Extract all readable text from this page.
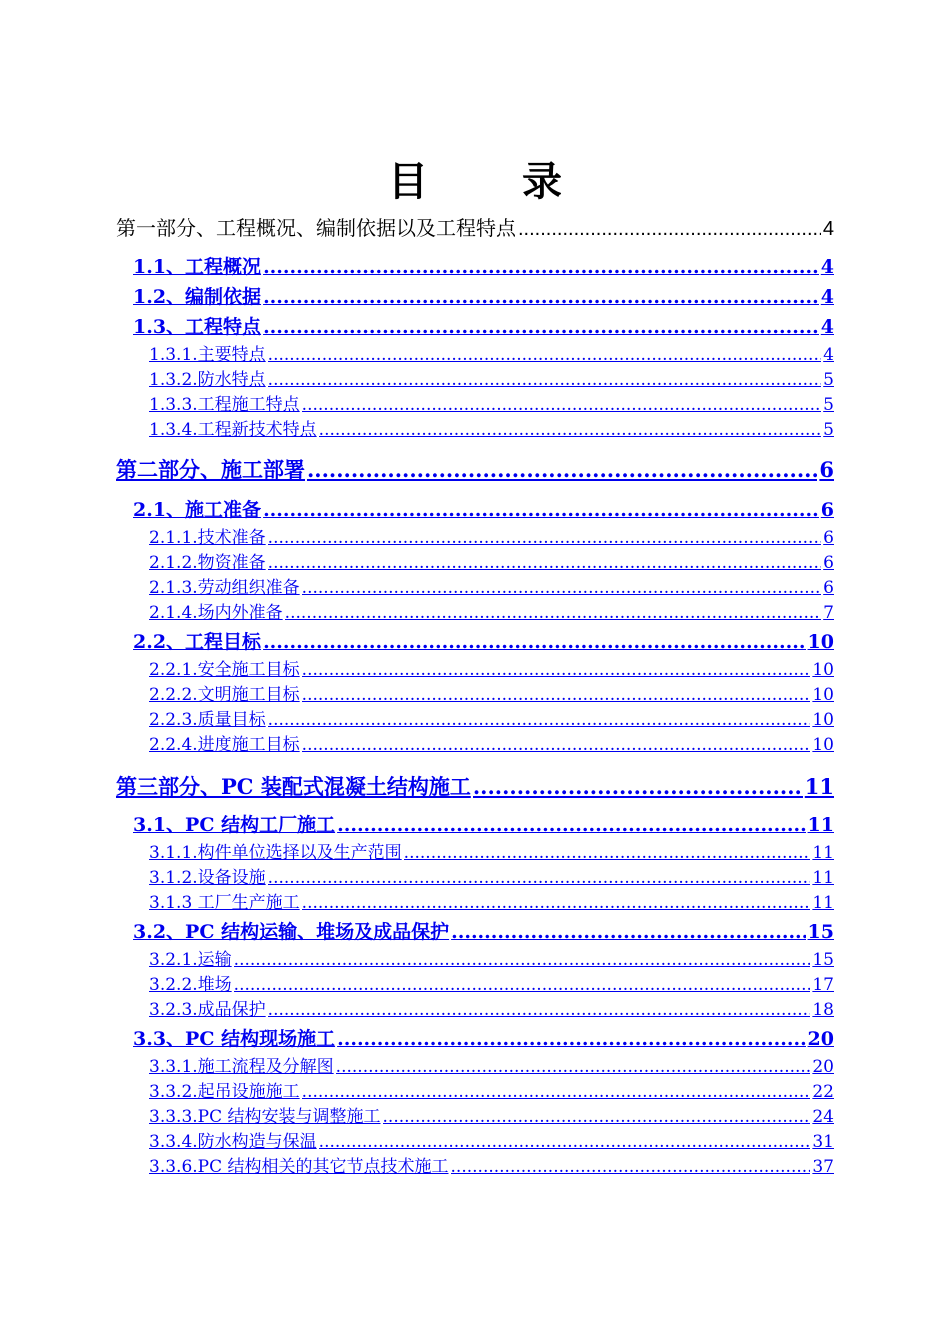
目 录
第一部分、工程概况、编制依据以及工程特点 .....	4
1.1、工程概况 .....	4
1.2、编制依据 .....	4
1.3、工程特点 .....	4
1.3.1.主要特点 .....	4
1.3.2.防水特点 .....	5
1.3.3.工程施工特点 .....	5
1.3.4.工程新技术特点 .....	5
第二部分、施工部署 .....	6
2.1、施工准备 .....	6
2.1.1.技术准备 .....	6
2.1.2.物资准备 .....	6
2.1.3.劳动组织准备 .....	6
2.1.4.场内外准备 .....	7
2.2、工程目标 .....	10
2.2.1.安全施工目标 .....	10
2.2.2.文明施工目标 .....	10
2.2.3.质量目标 .....	10
2.2.4.进度施工目标 .....	10
第三部分、PC 装配式混凝土结构施工 .....	11
3.1、PC 结构工厂施工 .....	11
3.1.1.构件单位选择以及生产范围 .....	11
3.1.2.设备设施 .....	11
3.1.3 工厂生产施工 .....	11
3.2、PC 结构运输、堆场及成品保护 .....	15
3.2.1.运输 .....	15
3.2.2.堆场 .....	17
3.2.3.成品保护 .....	18
3.3、PC 结构现场施工 .....	20
3.3.1.施工流程及分解图 .....	20
3.3.2.起吊设施施工 .....	22
3.3.3.PC 结构安装与调整施工 .....	24
3.3.4.防水构造与保温 .....	31
3.3.6.PC 结构相关的其它节点技术施工 .....	37
